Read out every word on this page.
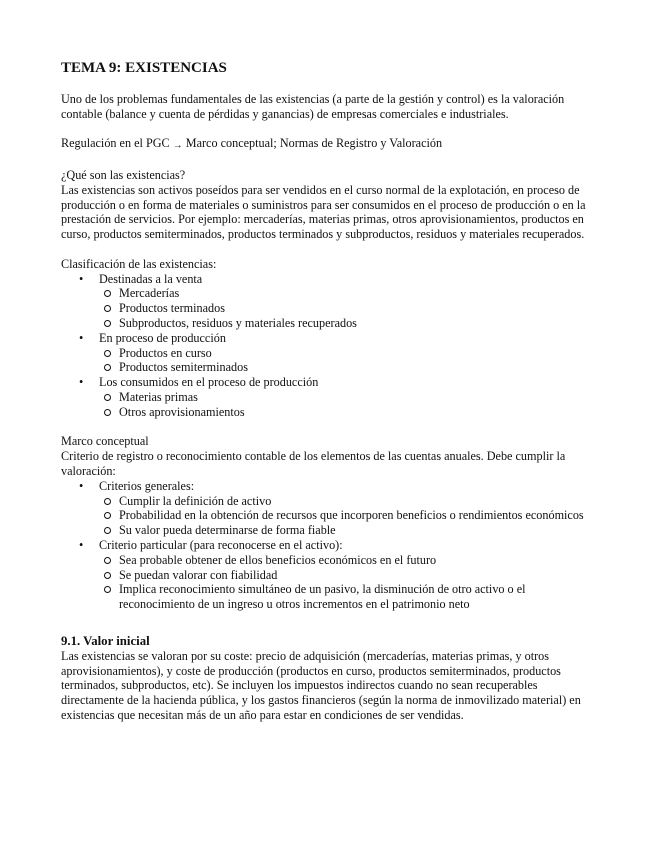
TEMA 9: EXISTENCIAS

Uno de los problemas fundamentales de las existencias (a parte de la gestión y control) es la valoración contable (balance y cuenta de pérdidas y ganancias) de empresas comerciales e industriales.

Regulación en el PGC → Marco conceptual; Normas de Registro y Valoración

¿Qué son las existencias?

Las existencias son activos poseídos para ser vendidos en el curso normal de la explotación, en proceso de producción o en forma de materiales o suministros para ser consumidos en el proceso de producción o en la prestación de servicios. Por ejemplo: mercaderías, materias primas, otros aprovisionamientos, productos en curso, productos semiterminados, productos terminados y subproductos, residuos y materiales recuperados.

Clasificación de las existencias:

• Destinadas a la venta
Mercaderías
Productos terminados
Subproductos, residuos y materiales recuperados
• En proceso de producción
Productos en curso
Productos semiterminados
• Los consumidos en el proceso de producción
Materias primas
Otros aprovisionamientos

Marco conceptual

Criterio de registro o reconocimiento contable de los elementos de las cuentas anuales. Debe cumplir la valoración:

• Criterios generales:
Cumplir la definición de activo
Probabilidad en la obtención de recursos que incorporen beneficios o rendimientos económicos
Su valor pueda determinarse de forma fiable
• Criterio particular (para reconocerse en el activo):
Sea probable obtener de ellos beneficios económicos en el futuro
Se puedan valorar con fiabilidad
Implica reconocimiento simultáneo de un pasivo, la disminución de otro activo o el reconocimiento de un ingreso u otros incrementos en el patrimonio neto
9.1. Valor inicial

Las existencias se valoran por su coste: precio de adquisición (mercaderías, materias primas, y otros aprovisionamientos), y coste de producción (productos en curso, productos semiterminados, productos terminados, subproductos, etc). Se incluyen los impuestos indirectos cuando no sean recuperables directamente de la hacienda pública, y los gastos financieros (según la norma de inmovilizado material) en existencias que necesitan más de un año para estar en condiciones de ser vendidas.
